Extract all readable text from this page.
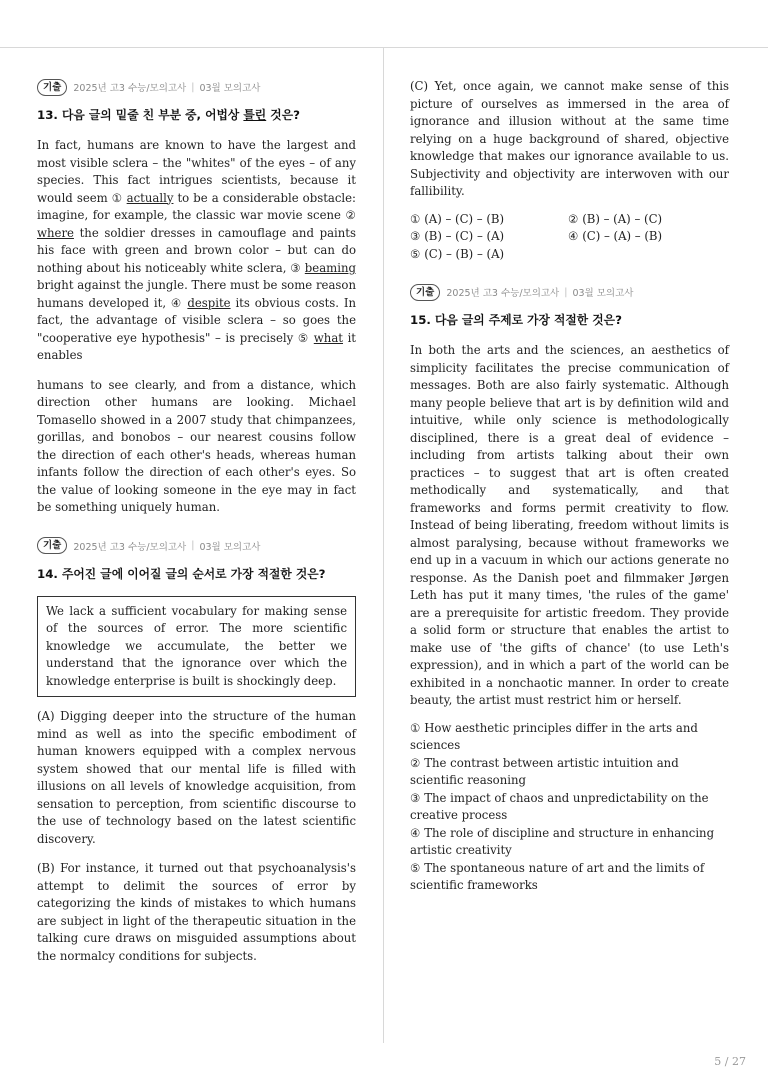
기출	2025년 고3 수능/모의고사 | 03월 모의고사
13. 다음 글의 밑줄 친 부분 중, 어법상 틀린 것은?

In fact, humans are known to have the largest and most visible sclera – the "whites" of the eyes – of any species. This fact intrigues scientists, because it would seem ① actually to be a considerable obstacle: imagine, for example, the classic war movie scene ② where the soldier dresses in camouflage and paints his face with green and brown color – but can do nothing about his noticeably white sclera, ③ beaming bright against the jungle. There must be some reason humans developed it, ④ despite its obvious costs. In fact, the advantage of visible sclera – so goes the "cooperative eye hypothesis" – is precisely ⑤ what it enables

humans to see clearly, and from a distance, which direction other humans are looking. Michael Tomasello showed in a 2007 study that chimpanzees, gorillas, and bonobos – our nearest cousins follow the direction of each other's heads, whereas human infants follow the direction of each other's eyes. So the value of looking someone in the eye may in fact be something uniquely human.

기출	2025년 고3 수능/모의고사 | 03월 모의고사
14. 주어진 글에 이어질 글의 순서로 가장 적절한 것은?

We lack a sufficient vocabulary for making sense of the sources of error. The more scientific knowledge we accumulate, the better we understand that the ignorance over which the knowledge enterprise is built is shockingly deep.

(A) Digging deeper into the structure of the human mind as well as into the specific embodiment of human knowers equipped with a complex nervous system showed that our mental life is filled with illusions on all levels of knowledge acquisition, from sensation to perception, from scientific discourse to the use of technology based on the latest scientific discovery.

(B) For instance, it turned out that psychoanalysis's attempt to delimit the sources of error by categorizing the kinds of mistakes to which humans are subject in light of the therapeutic situation in the talking cure draws on misguided assumptions about the normalcy conditions for subjects.

(C) Yet, once again, we cannot make sense of this picture of ourselves as immersed in the area of ignorance and illusion without at the same time relying on a huge background of shared, objective knowledge that makes our ignorance available to us. Subjectivity and objectivity are interwoven with our fallibility.

① (A) – (C) – (B)	② (B) – (A) – (C)
③ (B) – (C) – (A)	④ (C) – (A) – (B)
⑤ (C) – (B) – (A)
기출	2025년 고3 수능/모의고사 | 03월 모의고사
15. 다음 글의 주제로 가장 적절한 것은?

In both the arts and the sciences, an aesthetics of simplicity facilitates the precise communication of messages. Both are also fairly systematic. Although many people believe that art is by definition wild and intuitive, while only science is methodologically disciplined, there is a great deal of evidence – including from artists talking about their own practices – to suggest that art is often created methodically and systematically, and that frameworks and forms permit creativity to flow. Instead of being liberating, freedom without limits is almost paralysing, because without frameworks we end up in a vacuum in which our actions generate no response. As the Danish poet and filmmaker Jørgen Leth has put it many times, 'the rules of the game' are a prerequisite for artistic freedom. They provide a solid form or structure that enables the artist to make use of 'the gifts of chance' (to use Leth's expression), and in which a part of the world can be exhibited in a nonchaotic manner. In order to create beauty, the artist must restrict him or herself.

① How aesthetic principles differ in the arts and sciences
② The contrast between artistic intuition and scientific reasoning
③ The impact of chaos and unpredictability on the creative process
④ The role of discipline and structure in enhancing artistic creativity
⑤ The spontaneous nature of art and the limits of scientific frameworks
5 / 27
